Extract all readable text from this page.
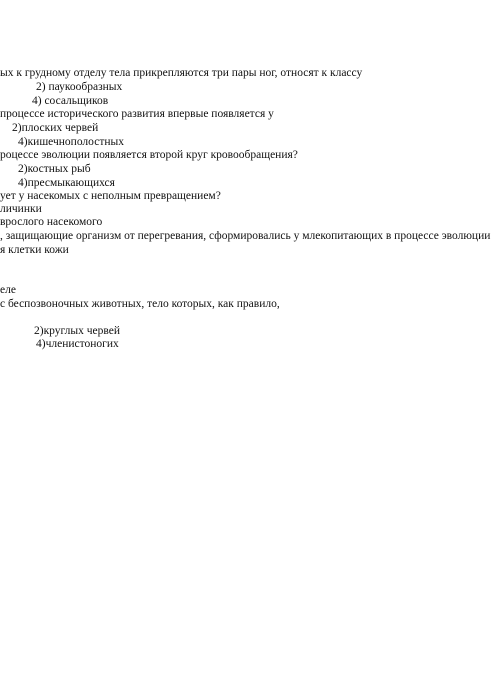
ых к грудному отделу тела прикрепляются три пары ног, относят к классу
2) паукообразных
4) сосальщиков
процессе исторического развития впервые появляется у
2)плоских червей
4)кишечнополостных
роцессе эволюции появляется второй круг кровообращения?
2)костных рыб
4)пресмыкающихся
ует у насекомых с неполным превращением?
личинки
врослого насекомого
, защищающие организм от перегревания, сформировались у млекопитающих в процессе эволюции
я клетки кожи
еле
с беспозвоночных животных, тело которых, как правило,
2)круглых червей
4)членистоногих
